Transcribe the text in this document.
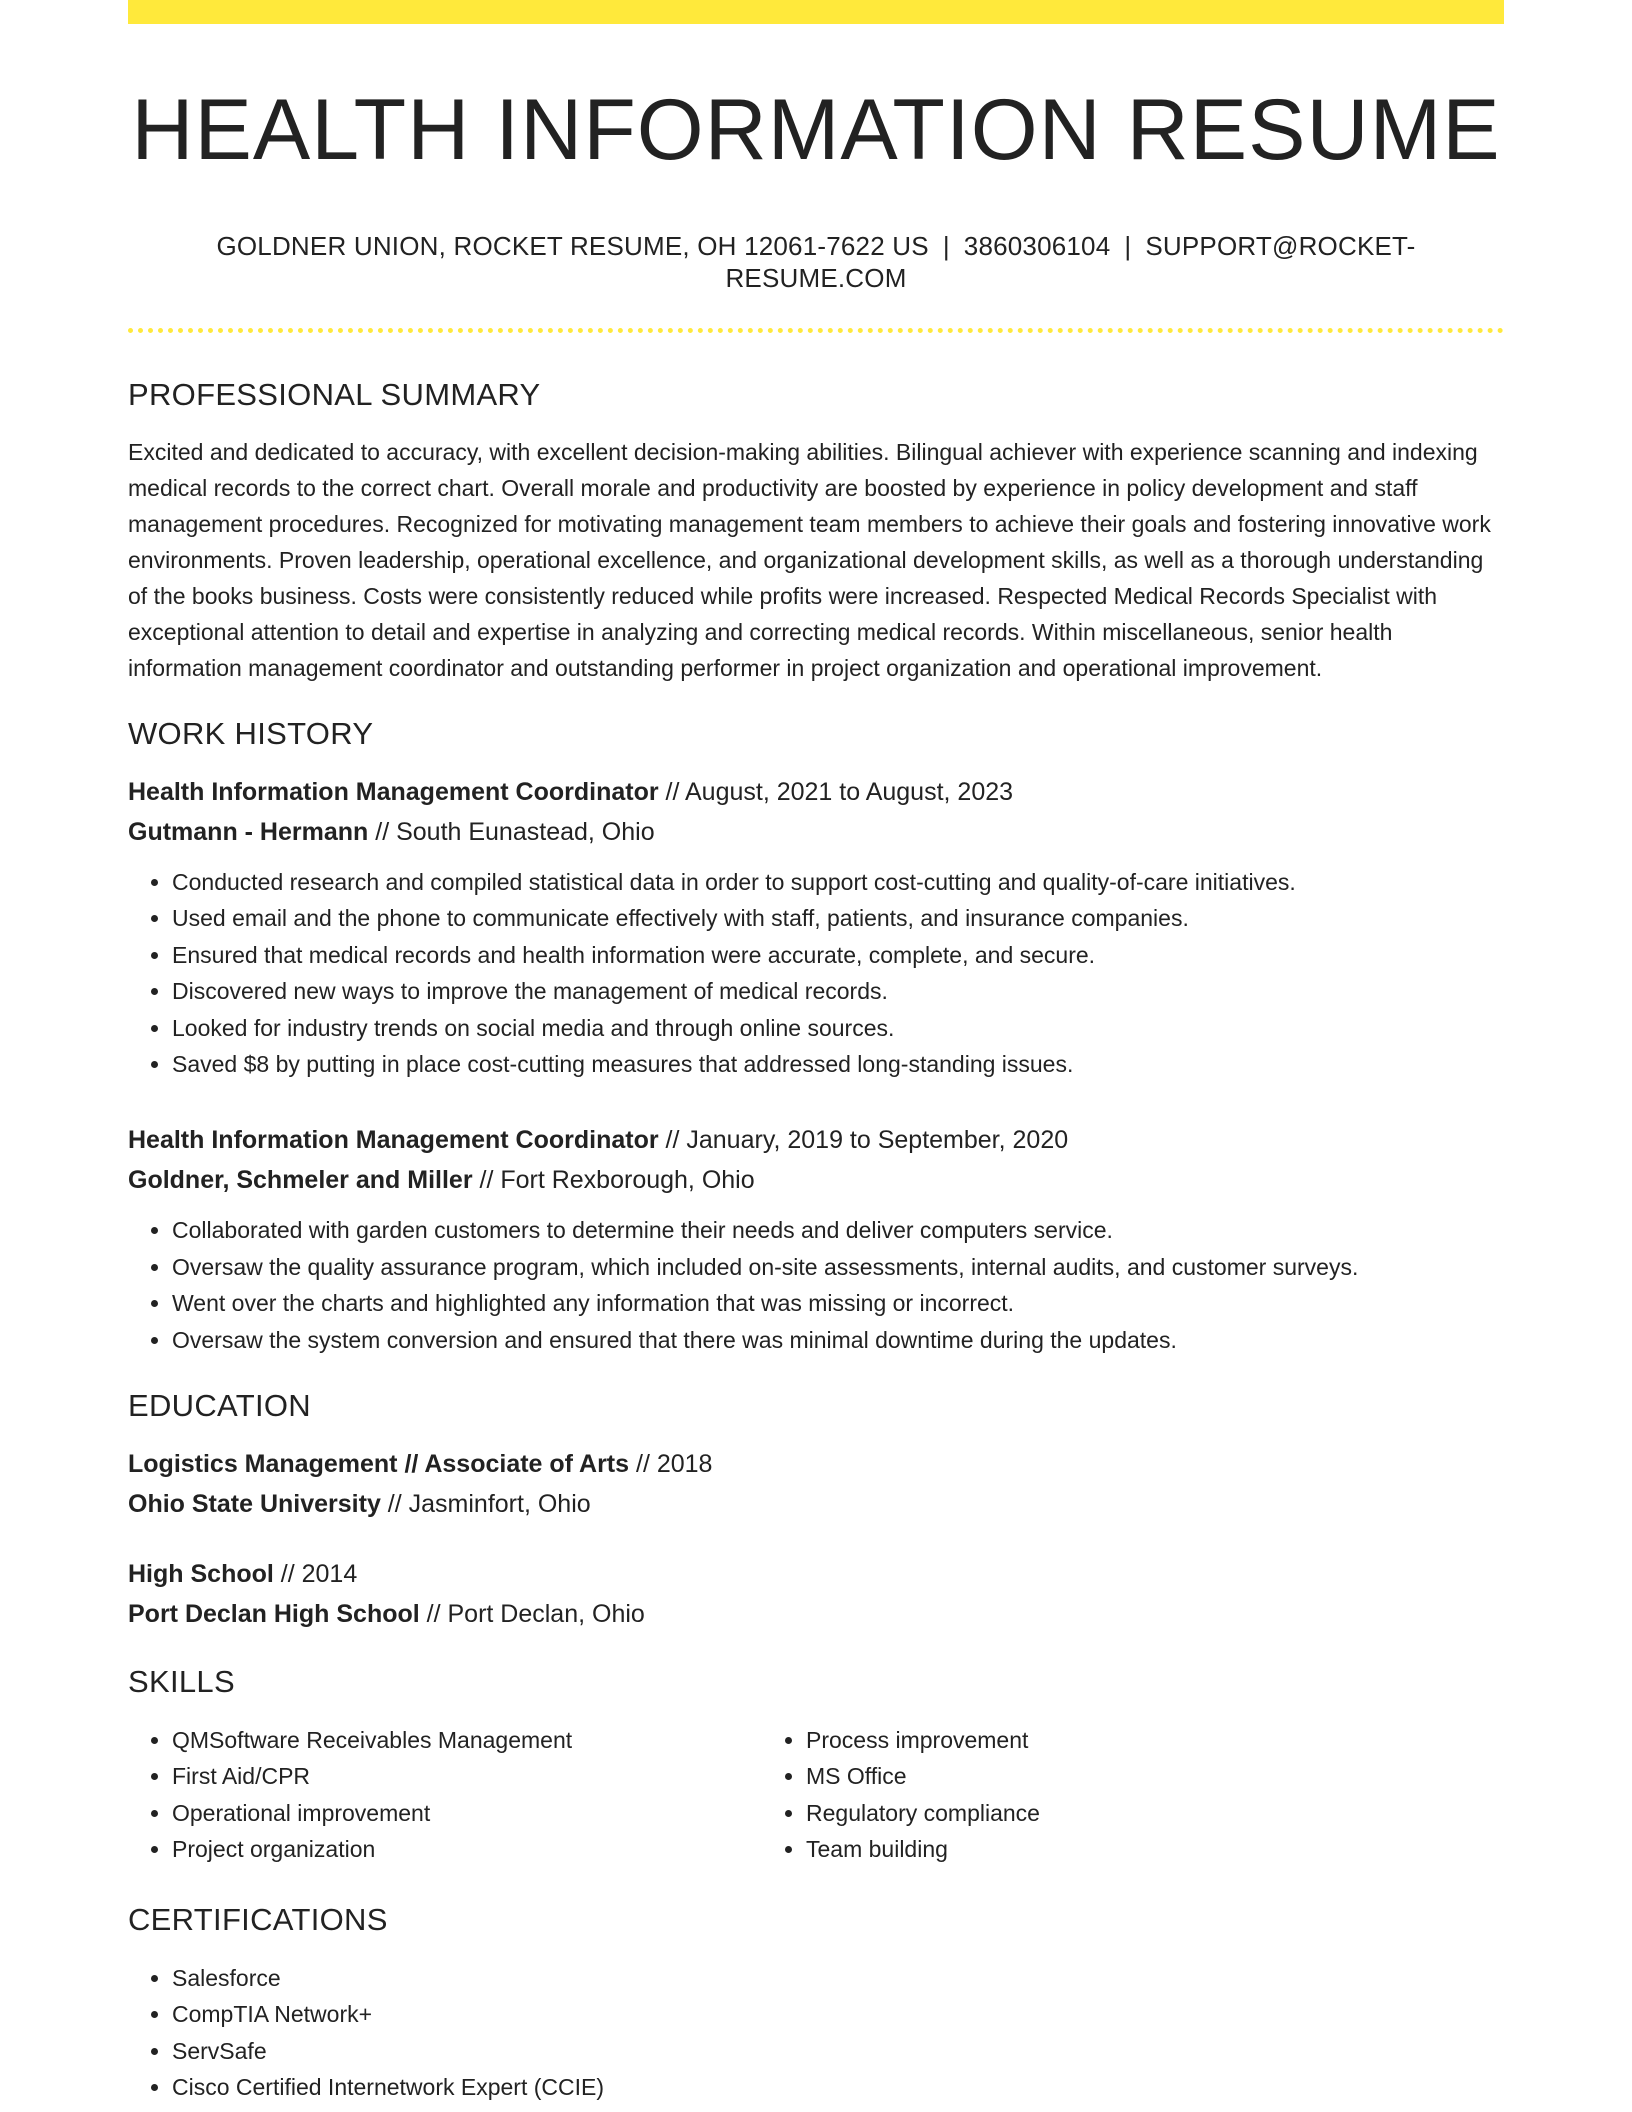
HEALTH INFORMATION RESUME
GOLDNER UNION, ROCKET RESUME, OH 12061-7622 US | 3860306104 | SUPPORT@ROCKET-RESUME.COM
PROFESSIONAL SUMMARY

Excited and dedicated to accuracy, with excellent decision-making abilities. Bilingual achiever with experience scanning and indexing medical records to the correct chart. Overall morale and productivity are boosted by experience in policy development and staff management procedures. Recognized for motivating management team members to achieve their goals and fostering innovative work environments. Proven leadership, operational excellence, and organizational development skills, as well as a thorough understanding of the books business. Costs were consistently reduced while profits were increased. Respected Medical Records Specialist with exceptional attention to detail and expertise in analyzing and correcting medical records. Within miscellaneous, senior health information management coordinator and outstanding performer in project organization and operational improvement.

WORK HISTORY
Health Information Management Coordinator // August, 2021 to August, 2023
Gutmann - Hermann // South Eunastead, Ohio
• Conducted research and compiled statistical data in order to support cost-cutting and quality-of-care initiatives.
• Used email and the phone to communicate effectively with staff, patients, and insurance companies.
• Ensured that medical records and health information were accurate, complete, and secure.
• Discovered new ways to improve the management of medical records.
• Looked for industry trends on social media and through online sources.
• Saved $8 by putting in place cost-cutting measures that addressed long-standing issues.
Health Information Management Coordinator // January, 2019 to September, 2020
Goldner, Schmeler and Miller // Fort Rexborough, Ohio
• Collaborated with garden customers to determine their needs and deliver computers service.
• Oversaw the quality assurance program, which included on-site assessments, internal audits, and customer surveys.
• Went over the charts and highlighted any information that was missing or incorrect.
• Oversaw the system conversion and ensured that there was minimal downtime during the updates.
EDUCATION
Logistics Management // Associate of Arts // 2018
Ohio State University // Jasminfort, Ohio
High School // 2014
Port Declan High School // Port Declan, Ohio
SKILLS
• QMSoftware Receivables Management
• First Aid/CPR
• Operational improvement
• Project organization
• Process improvement
• MS Office
• Regulatory compliance
• Team building
CERTIFICATIONS
• Salesforce
• CompTIA Network+
• ServSafe
• Cisco Certified Internetwork Expert (CCIE)
